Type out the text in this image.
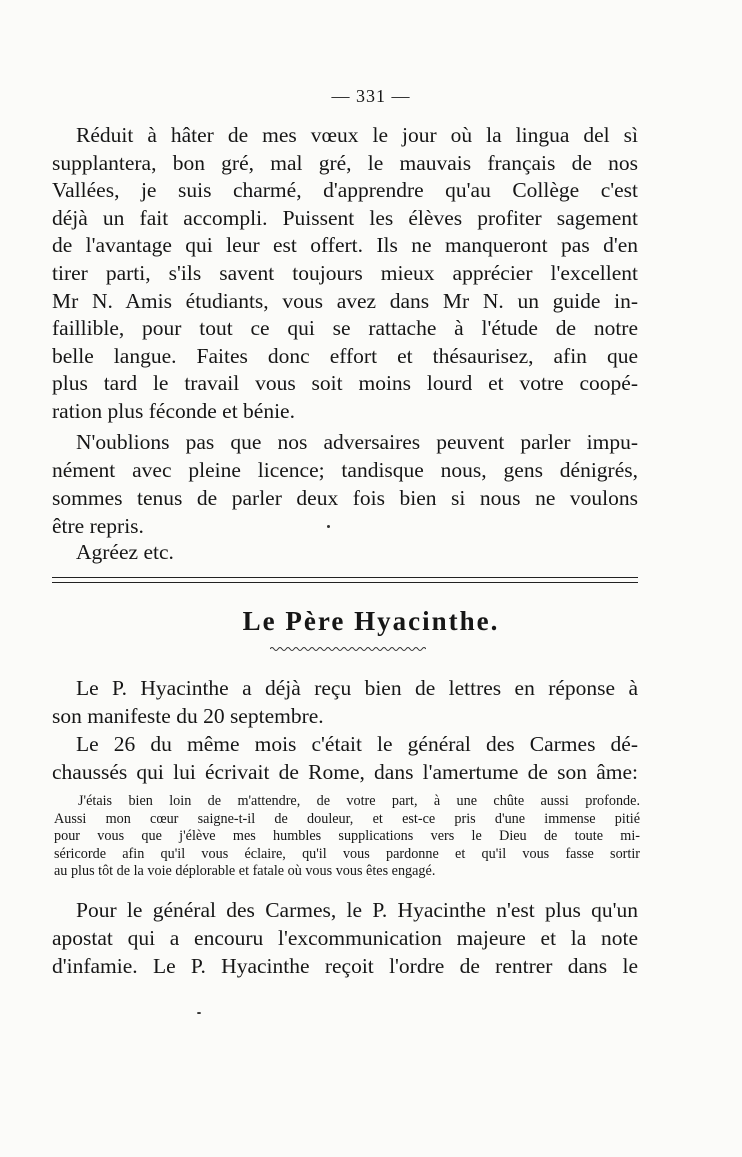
— 331 —
Réduit à hâter de mes vœux le jour où la lingua del sì
supplantera, bon gré, mal gré, le mauvais français de nos
Vallées, je suis charmé, d'apprendre qu'au Collège c'est
déjà un fait accompli. Puissent les élèves profiter sagement
de l'avantage qui leur est offert. Ils ne manqueront pas d'en
tirer parti, s'ils savent toujours mieux apprécier l'excellent
Mr N. Amis étudiants, vous avez dans Mr N. un guide in-
faillible, pour tout ce qui se rattache à l'étude de notre
belle langue. Faites donc effort et thésaurisez, afin que
plus tard le travail vous soit moins lourd et votre coopé-
ration plus féconde et bénie.
N'oublions pas que nos adversaires peuvent parler impu-
nément avec pleine licence; tandisque nous, gens dénigrés,
sommes tenus de parler deux fois bien si nous ne voulons
être repris.
Agréez etc.
Le Père Hyacinthe.
Le P. Hyacinthe a déjà reçu bien de lettres en réponse à
son manifeste du 20 septembre.
Le 26 du même mois c'était le général des Carmes dé-
chaussés qui lui écrivait de Rome, dans l'amertume de son âme:
J'étais bien loin de m'attendre, de votre part, à une chûte aussi profonde.
Aussi mon cœur saigne-t-il de douleur, et est-ce pris d'une immense pitié
pour vous que j'élève mes humbles supplications vers le Dieu de toute mi-
séricorde afin qu'il vous éclaire, qu'il vous pardonne et qu'il vous fasse sortir
au plus tôt de la voie déplorable et fatale où vous vous êtes engagé.
Pour le général des Carmes, le P. Hyacinthe n'est plus qu'un
apostat qui a encouru l'excommunication majeure et la note
d'infamie. Le P. Hyacinthe reçoit l'ordre de rentrer dans le
